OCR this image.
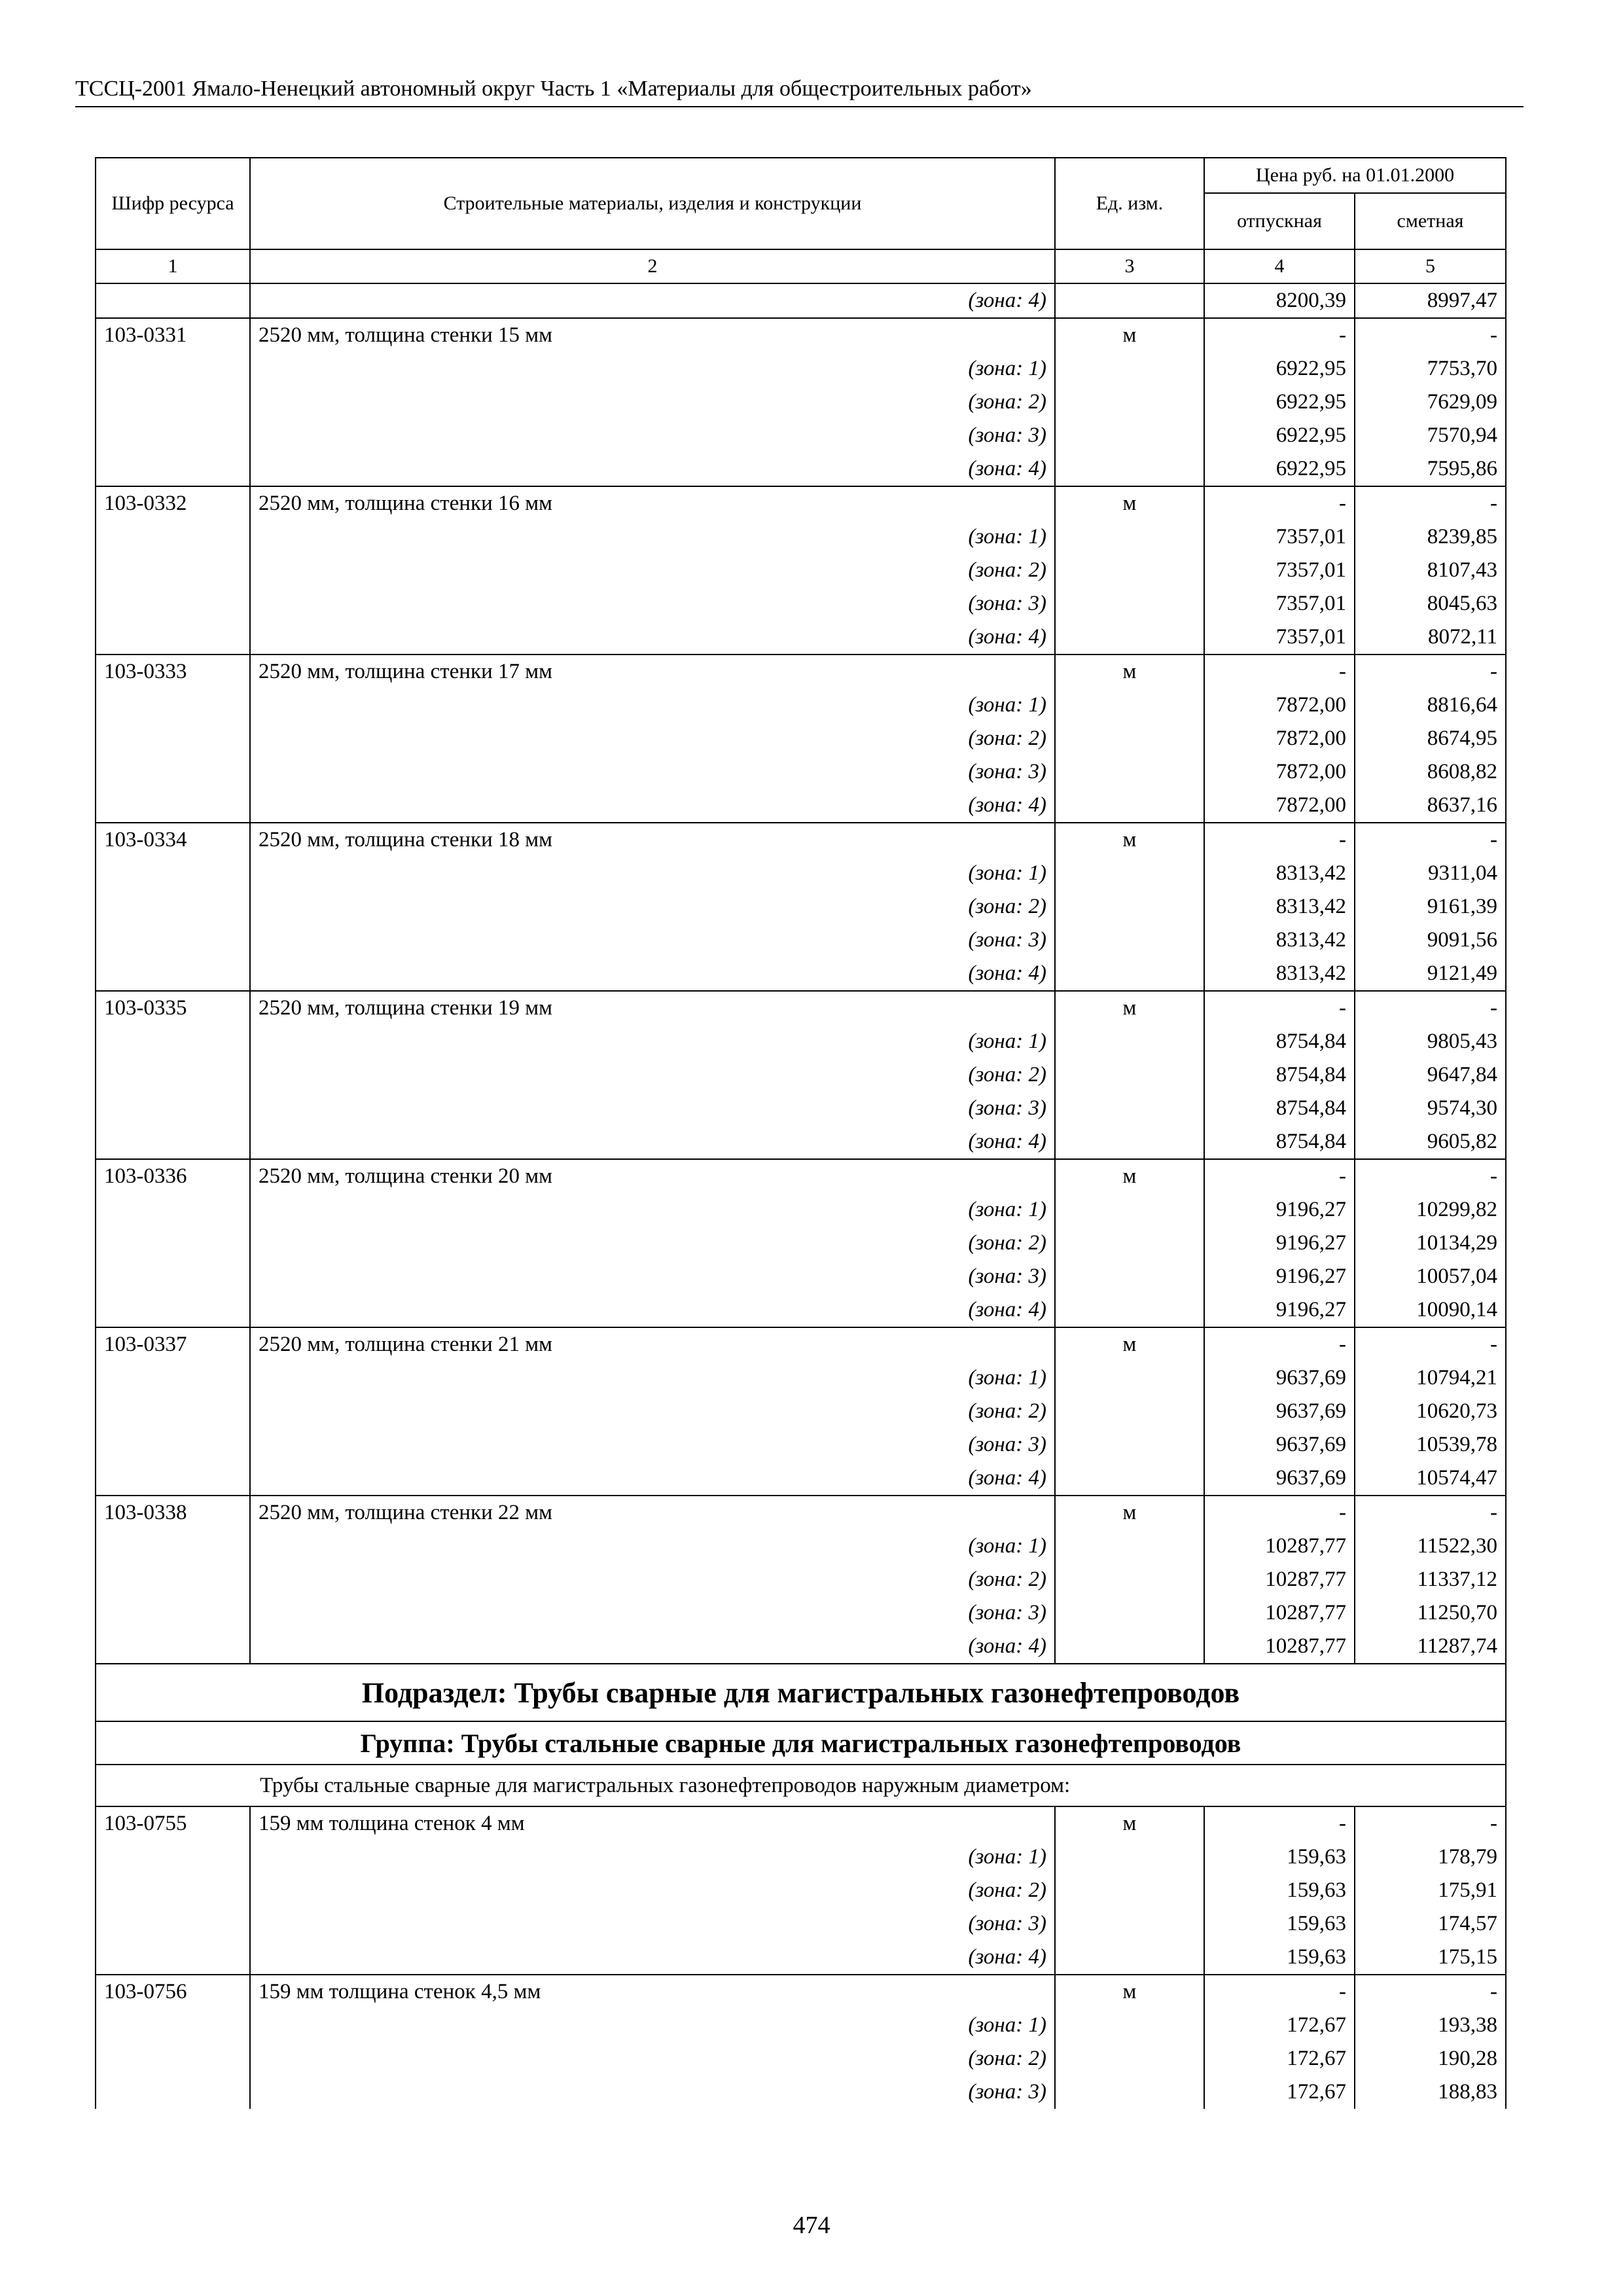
ТССЦ-2001 Ямало-Ненецкий автономный округ Часть 1 «Материалы для общестроительных работ»
Шифр ресурса	Строительные материалы, изделия и конструкции	Ед. изм.	Цена руб. на 01.01.2000	
			отпускная	сметная
1	2	3	4	5
	(зона: 4)		8200,39	8997,47
103-0331	2520 мм, толщина стенки 15 мм	м	-	-
	(зона: 1)		6922,95	7753,70
	(зона: 2)		6922,95	7629,09
	(зона: 3)		6922,95	7570,94
	(зона: 4)		6922,95	7595,86
103-0332	2520 мм, толщина стенки 16 мм	м	-	-
	(зона: 1)		7357,01	8239,85
	(зона: 2)		7357,01	8107,43
	(зона: 3)		7357,01	8045,63
	(зона: 4)		7357,01	8072,11
103-0333	2520 мм, толщина стенки 17 мм	м	-	-
	(зона: 1)		7872,00	8816,64
	(зона: 2)		7872,00	8674,95
	(зона: 3)		7872,00	8608,82
	(зона: 4)		7872,00	8637,16
103-0334	2520 мм, толщина стенки 18 мм	м	-	-
	(зона: 1)		8313,42	9311,04
	(зона: 2)		8313,42	9161,39
	(зона: 3)		8313,42	9091,56
	(зона: 4)		8313,42	9121,49
103-0335	2520 мм, толщина стенки 19 мм	м	-	-
	(зона: 1)		8754,84	9805,43
	(зона: 2)		8754,84	9647,84
	(зона: 3)		8754,84	9574,30
	(зона: 4)		8754,84	9605,82
103-0336	2520 мм, толщина стенки 20 мм	м	-	-
	(зона: 1)		9196,27	10299,82
	(зона: 2)		9196,27	10134,29
	(зона: 3)		9196,27	10057,04
	(зона: 4)		9196,27	10090,14
103-0337	2520 мм, толщина стенки 21 мм	м	-	-
	(зона: 1)		9637,69	10794,21
	(зона: 2)		9637,69	10620,73
	(зона: 3)		9637,69	10539,78
	(зона: 4)		9637,69	10574,47
103-0338	2520 мм, толщина стенки 22 мм	м	-	-
	(зона: 1)		10287,77	11522,30
	(зона: 2)		10287,77	11337,12
	(зона: 3)		10287,77	11250,70
	(зона: 4)		10287,77	11287,74
Подраздел: Трубы сварные для магистральных газонефтепроводов				
Группа: Трубы стальные сварные для магистральных газонефтепроводов				
Трубы стальные сварные для магистральных газонефтепроводов наружным диаметром:				
103-0755	159 мм толщина стенок 4 мм	м	-	-
	(зона: 1)		159,63	178,79
	(зона: 2)		159,63	175,91
	(зона: 3)		159,63	174,57
	(зона: 4)		159,63	175,15
103-0756	159 мм толщина стенок 4,5 мм	м	-	-
	(зона: 1)		172,67	193,38
	(зона: 2)		172,67	190,28
	(зона: 3)		172,67	188,83
474
